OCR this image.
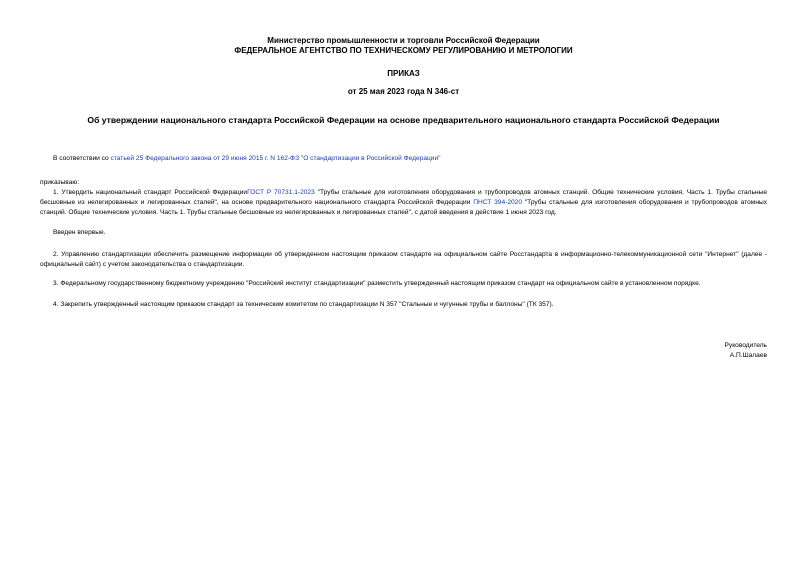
Министерство промышленности и торговли Российской Федерации
ФЕДЕРАЛЬНОЕ АГЕНТСТВО ПО ТЕХНИЧЕСКОМУ РЕГУЛИРОВАНИЮ И МЕТРОЛОГИИ
ПРИКАЗ
от 25 мая 2023 года N 346-ст
Об утверждении национального стандарта Российской Федерации на основе предварительного национального стандарта Российской Федерации
В соответствии со статьей 25 Федерального закона от 29 июня 2015 г. N 162-ФЗ "О стандартизации в Российской Федерации"
приказываю:
1. Утвердить национальный стандарт Российской ФедерацииГОСТ Р 70731.1-2023 "Трубы стальные для изготовления оборудования и трубопроводов атомных станций. Общие технические условия. Часть 1. Трубы стальные бесшовные из нелегированных и легированных сталей", на основе предварительного национального стандарта Российской Федерации ПНСТ 394-2020 "Трубы стальные для изготовления оборудования и трубопроводов атомных станций. Общие технические условия. Часть 1. Трубы стальные бесшовные из нелегированных и легированных сталей", с датой введения в действие 1 июня 2023 год.
Введен впервые.
2. Управлению стандартизации обеспечить размещение информации об утвержденном настоящим приказом стандарте на официальном сайте Росстандарта в информационно-телекоммуникационной сети "Интернет" (далее - официальный сайт) с учетом законодательства о стандартизации.
3. Федеральному государственному бюджетному учреждению "Российский институт стандартизации" разместить утвержденный настоящим приказом стандарт на официальном сайте в установленном порядке.
4. Закрепить утвержденный настоящим приказом стандарт за техническим комитетом по стандартизации N 357 "Стальные и чугунные трубы и баллоны" (ТК 357).
Руководитель
А.П.Шалаев
